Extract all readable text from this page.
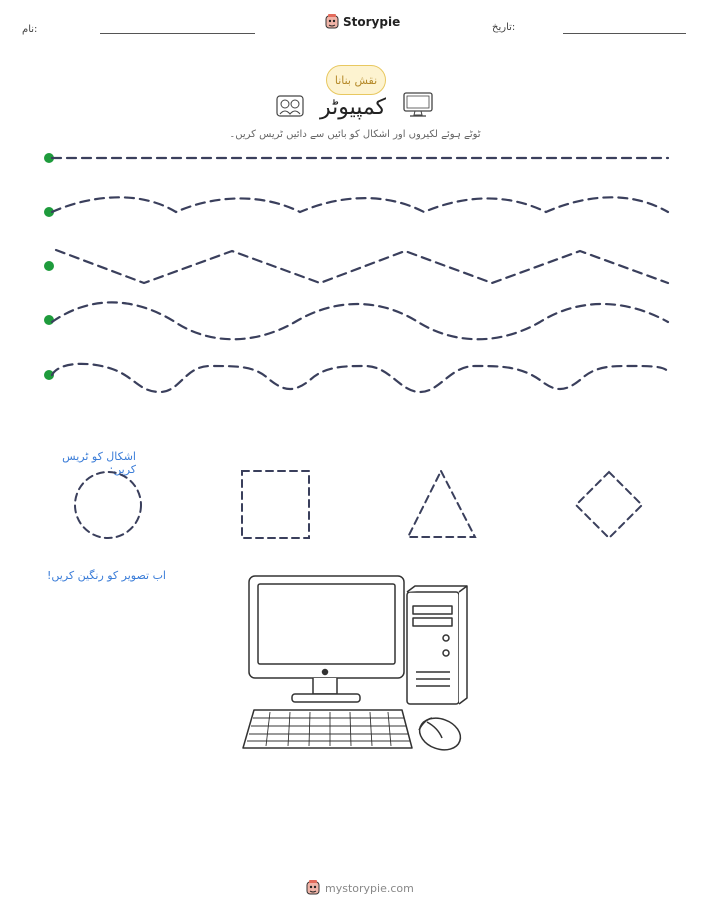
نام:
Storypie	تاریخ:
نقش بنانا
کمپیوٹر
ٹوٹے ہوئے لکیروں اور اشکال کو بائیں سے دائیں ٹریس کریں۔
اشکال کو ٹریس کریں:
اب تصویر کو رنگین کریں!
mystorypie.com
